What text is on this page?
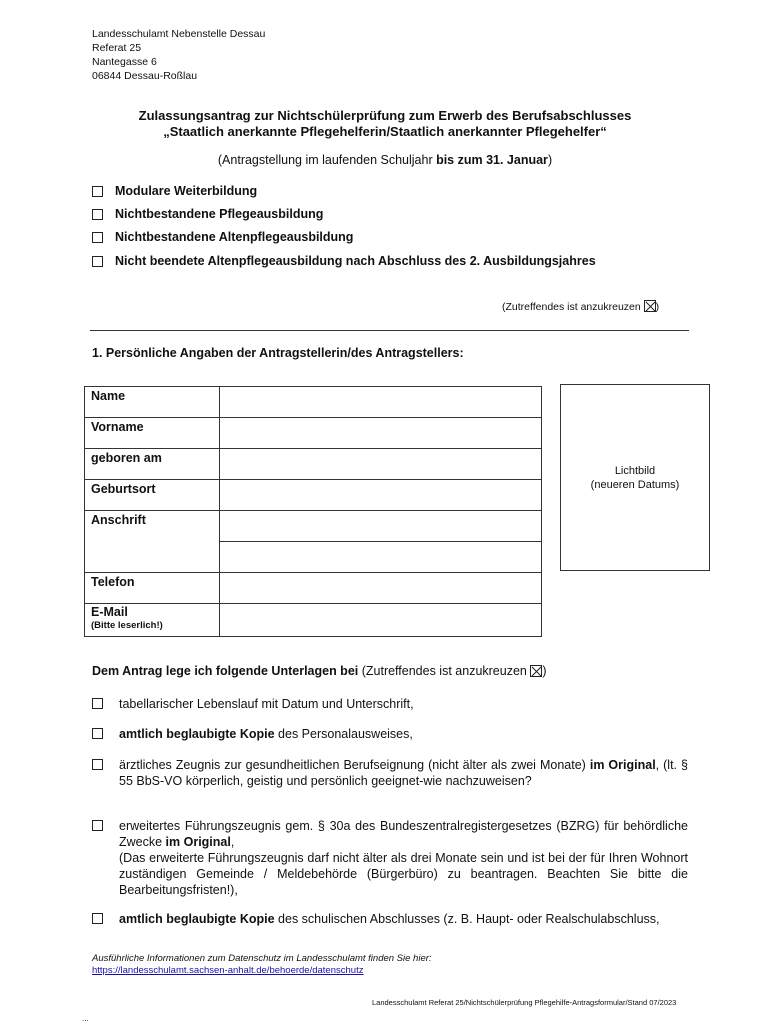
Landesschulamt Nebenstelle Dessau
Referat 25
Nantegasse 6
06844 Dessau-Roßlau
Zulassungsantrag zur Nichtschülerprüfung zum Erwerb des Berufsabschlusses
„Staatlich anerkannte Pflegehelferin/Staatlich anerkannter Pflegehelfer“
(Antragstellung im laufenden Schuljahr bis zum 31. Januar)
Modulare Weiterbildung
Nichtbestandene Pflegeausbildung
Nichtbestandene Altenpflegeausbildung
Nicht beendete Altenpflegeausbildung nach Abschluss des 2. Ausbildungsjahres
(Zutreffendes ist anzukreuzen )
1. Persönliche Angaben der Antragstellerin/des Antragstellers:
Name	
Vorname	
geboren am	
Geburtsort	
Anschrift	

Telefon	

E-Mail
(Bitte leserlich!)	

Lichtbild
(neueren Datums)
Dem Antrag lege ich folgende Unterlagen bei (Zutreffendes ist anzukreuzen )
tabellarischer Lebenslauf mit Datum und Unterschrift,
amtlich beglaubigte Kopie des Personalausweises,
ärztliches Zeugnis zur gesundheitlichen Berufseignung (nicht älter als zwei Monate) im Original, (lt. § 55 BbS-VO körperlich, geistig und persönlich geeignet-wie nachzuweisen?
erweitertes Führungszeugnis gem. § 30a des Bundeszentralregistergesetzes (BZRG) für behördliche Zwecke im Original,
(Das erweiterte Führungszeugnis darf nicht älter als drei Monate sein und ist bei der für Ihren Wohnort zuständigen Gemeinde / Meldebehörde (Bürgerbüro) zu beantragen. Beachten Sie bitte die Bearbeitungsfristen!),
amtlich beglaubigte Kopie des schulischen Abschlusses (z. B. Haupt- oder Realschulabschluss,
Ausführliche Informationen zum Datenschutz im Landesschulamt finden Sie hier:
https://landesschulamt.sachsen-anhalt.de/behoerde/datenschutz
Landesschulamt Referat 25/Nichtschülerprüfung Pflegehilfe-Antragsformular/Stand 07/2023
...
